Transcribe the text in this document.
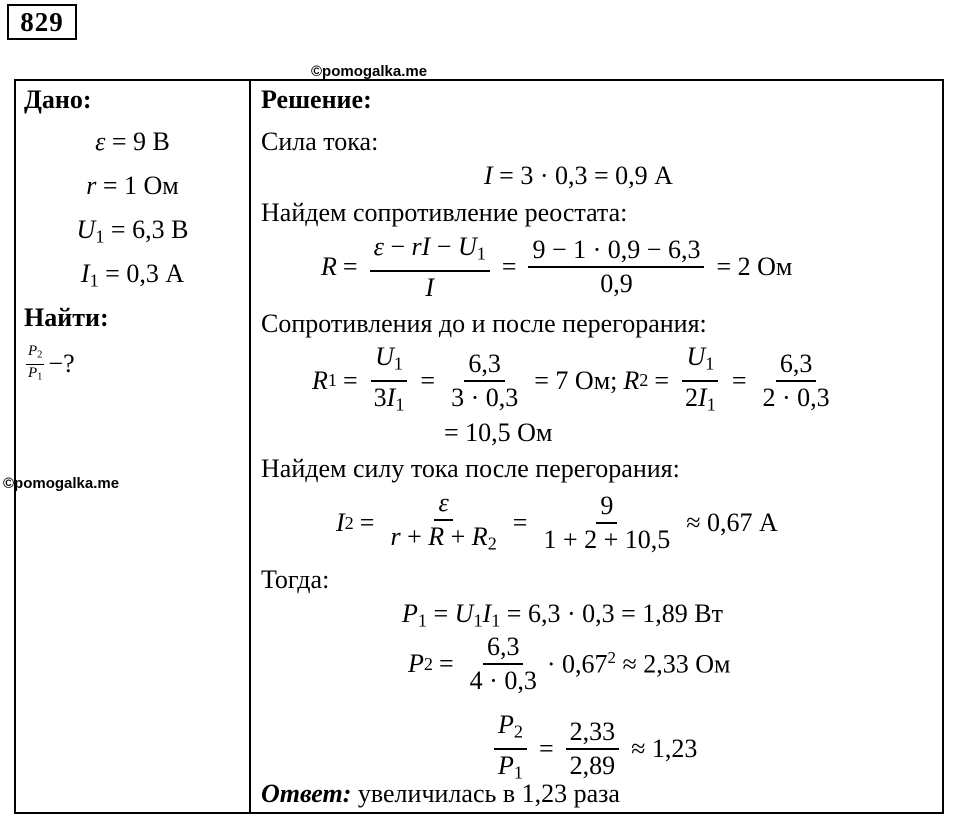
829
©pomogalka.me
Дано:
ε = 9 В
r = 1 Ом
$U_1 = 6,3$ В
$I_1 = 0,3$ А
Найти:
$\frac{P_2}{P_1}$ −?
Решение:
Сила тока:
I = 3 · 0,3 = 0,9 А
Найдем сопротивление реостата:
$R = \frac{\varepsilon - rI - U_1}{I} = \frac{9 - 1 \cdot 0,9 - 6,3}{0,9} = 2$ Ом
Сопротивления до и после перегорания:
R $1 = \frac{U_1}{3I_1} = \frac{6,3}{3 \cdot 0,3} = 7$ Ом; R $2 = \frac{U_1}{2I_1} = \frac{6,3}{2 \cdot 0,3}$
= 10,5 Ом
Найдем силу тока после перегорания:
I $2 = \frac{\varepsilon}{r + R + R_2} = \frac{9}{1 + 2 + 10,5} \approx 0,67$ А
Тогда:
$P_1 = U_1I_1 = 6,3 \cdot 0,3 = 1,89$ Вт
P $2 = \frac{6,3}{4 \cdot 0,3} \cdot 0,67^2 \approx 2,33$ Ом
$\frac{P_2}{P_1} = \frac{2,33}{2,89} \approx 1,23$
Ответ: увеличилась в 1,23 раза
©pomogalka.me
